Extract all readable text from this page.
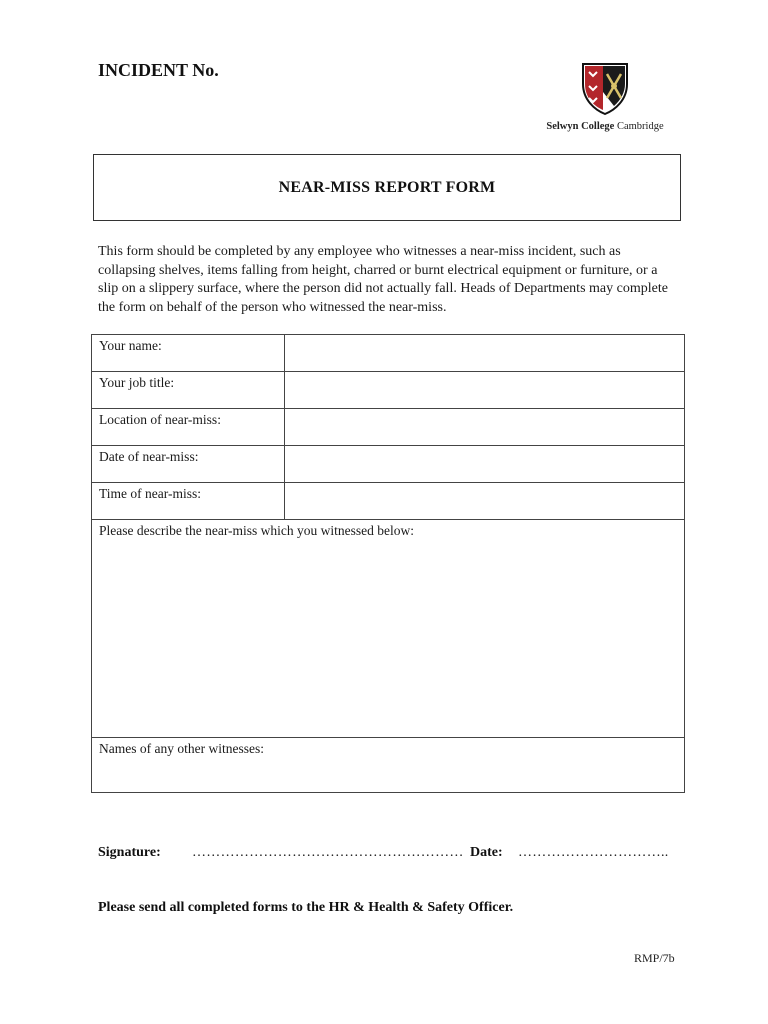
INCIDENT No.
Selwyn College Cambridge
NEAR-MISS REPORT FORM
This form should be completed by any employee who witnesses a near-miss incident, such as collapsing shelves, items falling from height, charred or burnt electrical equipment or furniture, or a slip on a slippery surface, where the person did not actually fall. Heads of Departments may complete the form on behalf of the person who witnessed the near-miss.
Your name:	
Your job title:	
Location of near-miss:	
Date of near-miss:	
Time of near-miss:	
Please describe the near-miss which you witnessed below:	
Names of any other witnesses:	
Signature: ………………………………………………… Date: …………………………..
Please send all completed forms to the HR & Health & Safety Officer.
RMP/7b
